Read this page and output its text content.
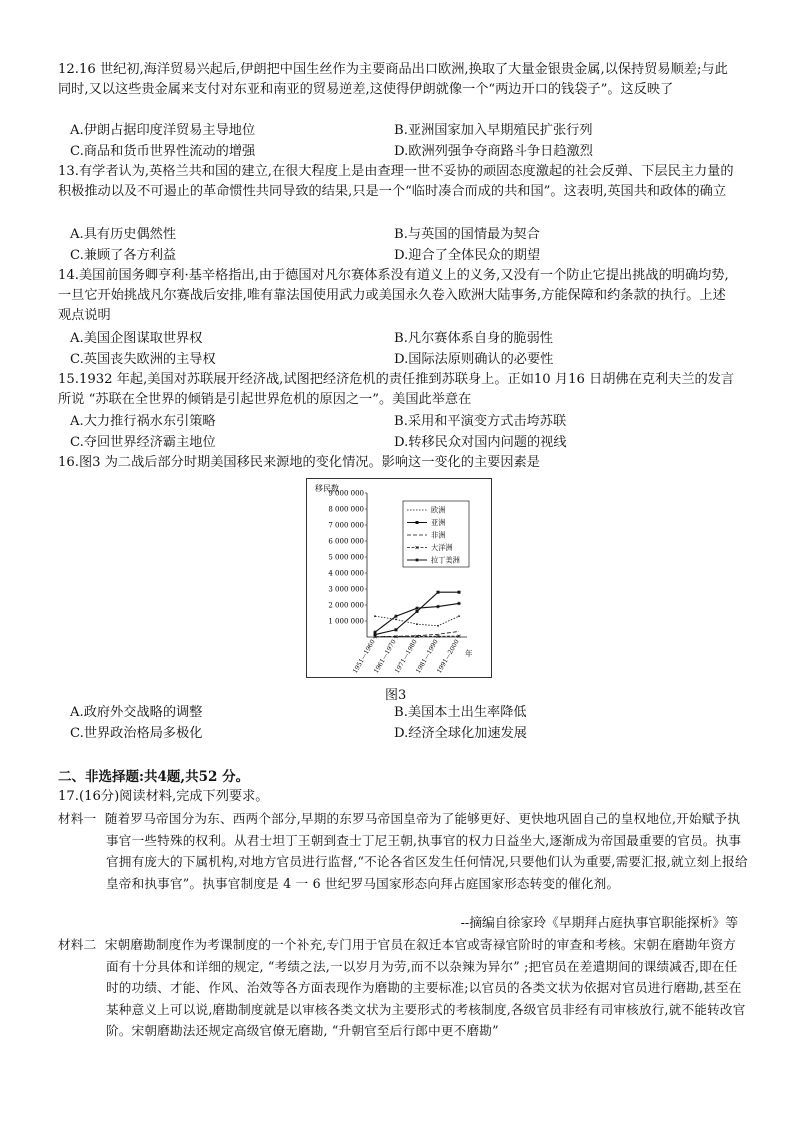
12.16 世纪初,海洋贸易兴起后,伊朗把中国生丝作为主要商品出口欧洲,换取了大量金银贵金属,以保持贸易顺差;与此同时,又以这些贵金属来支付对东亚和南亚的贸易逆差,这使得伊朗就像一个“两边开口的钱袋子”。这反映了
A.伊朗占据印度洋贸易主导地位	B.亚洲国家加入早期殖民扩张行列
C.商品和货币世界性流动的增强	D.欧洲列强争夺商路斗争日趋激烈
13.有学者认为,英格兰共和国的建立,在很大程度上是由查理一世不妥协的顽固态度激起的社会反弹、下层民主力量的积极推动以及不可遏止的革命惯性共同导致的结果,只是一个“临时凑合而成的共和国”。这表明,英国共和政体的确立
A.具有历史偶然性	B.与英国的国情最为契合
C.兼顾了各方利益	D.迎合了全体民众的期望
14.美国前国务卿亨利·基辛格指出,由于德国对凡尔赛体系没有道义上的义务,又没有一个防止它提出挑战的明确均势,一旦它开始挑战凡尔赛战后安排,唯有靠法国使用武力或美国永久卷入欧洲大陆事务,方能保障和约条款的执行。上述观点说明
A.美国企图谋取世界权	B.凡尔赛体系自身的脆弱性
C.英国丧失欧洲的主导权	D.国际法原则确认的必要性
15.1932 年起,美国对苏联展开经济战,试图把经济危机的责任推到苏联身上。正如10 月16 日胡佛在克利夫兰的发言所说 “苏联在全世界的倾销是引起世界危机的原因之一”。美国此举意在
A.大力推行祸水东引策略	B.采用和平演变方式击垮苏联
C.夺回世界经济霸主地位	D.转移民众对国内问题的视线
16.图3 为二战后部分时期美国移民来源地的变化情况。影响这一变化的主要因素是
移民数
1 000 000
2 000 000
3 000 000
4 000 000
5 000 000
6 000 000
7 000 000
8 000 000
9 000 000
1951—1960
1961—1970
1971—1980
1981—1990
1991—2000
欧洲
亚洲
非洲
大洋洲
拉丁美洲
年
图3
A.政府外交战略的调整	B.美国本土出生率降低
C.世界政治格局多极化	D.经济全球化加速发展
二、非选择题:共4题,共52 分。
17.(16分)阅读材料,完成下列要求。
材料一 随着罗马帝国分为东、西两个部分,早期的东罗马帝国皇帝为了能够更好、更快地巩固自己的皇权地位,开始赋予执事官一些特殊的权利。从君士坦丁王朝到查士丁尼王朝,执事官的权力日益坐大,逐渐成为帝国最重要的官员。执事官拥有庞大的下属机构,对地方官员进行监督,“不论各省区发生任何情况,只要他们认为重要,需要汇报,就立刻上报给皇帝和执事官”。执事官制度是 4 一 6 世纪罗马国家形态向拜占庭国家形态转变的催化剂。
--摘编自徐家玲《早期拜占庭执事官职能探析》等
材料二 宋朝磨勘制度作为考课制度的一个补充,专门用于官员在叙迁本官或寄禄官阶时的审查和考核。宋朝在磨勘年资方面有十分具体和详细的规定, “考绩之法,一以岁月为劳,而不以杂辣为异尔” ;把官员在差遣期间的课绩减否,即在任时的功绩、才能、作风、治效等各方面表现作为磨勘的主要标准;以官员的各类文状为依据对官员进行磨勘,甚至在某种意义上可以说,磨勘制度就是以审核各类文状为主要形式的考核制度,各级官员非经有司审核放行,就不能转改官阶。宋朝磨勘法还规定高级官僚无磨勘, “升朝官至后行郎中更不磨勘”
